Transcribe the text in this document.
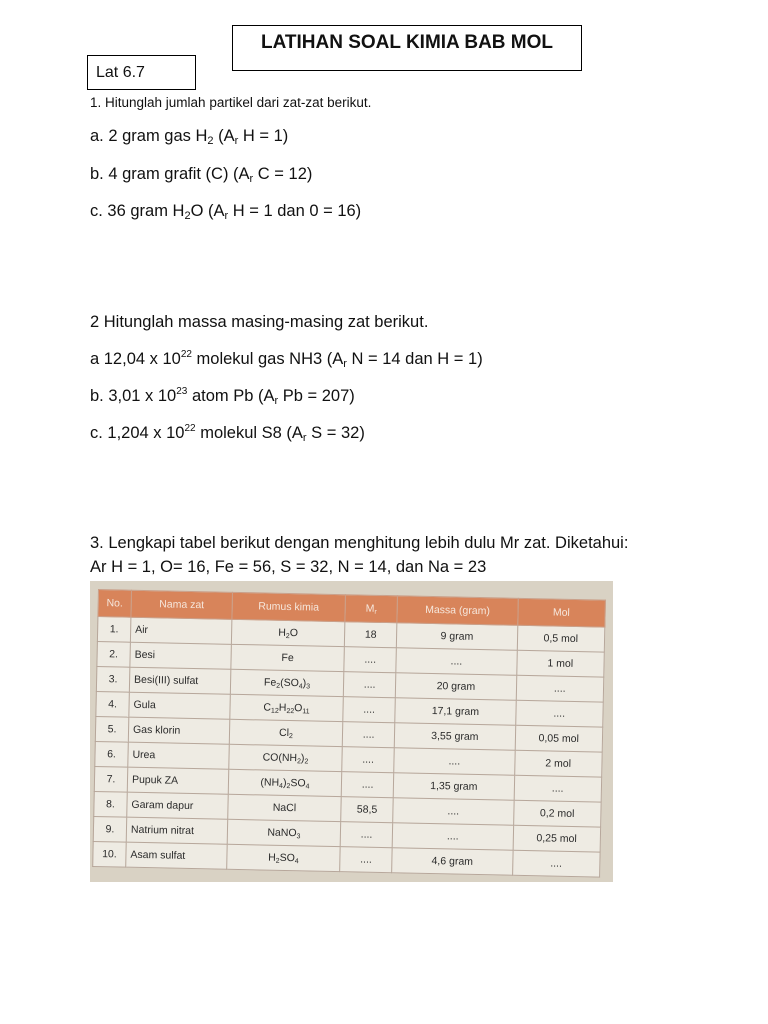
LATIHAN SOAL KIMIA BAB MOL
Lat 6.7
1. Hitunglah jumlah partikel dari zat-zat berikut.
a. 2 gram gas $H_2$ ($A_r$ H = 1)
b. 4 gram grafit (C) ($A_r$ C = 12)
c. 36 gram $H_2O$ ($A_r$ H = 1 dan 0 = 16)
2 Hitunglah massa masing-masing zat berikut.
a 12,04 x $10^{22}$ molekul gas NH3 ($A_r$ N = 14 dan H = 1)
b. 3,01 x $10^{23}$ atom Pb ($A_r$ Pb = 207)
c. 1,204 x $10^{22}$ molekul S8 ($A_r$ S = 32)
3. Lengkapi tabel berikut dengan menghitung lebih dulu Mr zat. Diketahui:
Ar H = 1, O= 16, Fe = 56, S = 32, N = 14, dan Na = 23
No.	Nama zat	Rumus kimia	Mr	Massa (gram)	Mol
1.	Air	H2O	18	9 gram	0,5 mol
2.	Besi	Fe	....	....	1 mol
3.	Besi(III) sulfat	Fe2(SO4)3	....	20 gram	....
4.	Gula	C12H22O11	....	17,1 gram	....
5.	Gas klorin	Cl2	....	3,55 gram	0,05 mol
6.	Urea	CO(NH2)2	....	....	2 mol
7.	Pupuk ZA	(NH4)2SO4	....	1,35 gram	....
8.	Garam dapur	NaCl	58,5	....	0,2 mol
9.	Natrium nitrat	NaNO3	....	....	0,25 mol
10.	Asam sulfat	H2SO4	....	4,6 gram	....
